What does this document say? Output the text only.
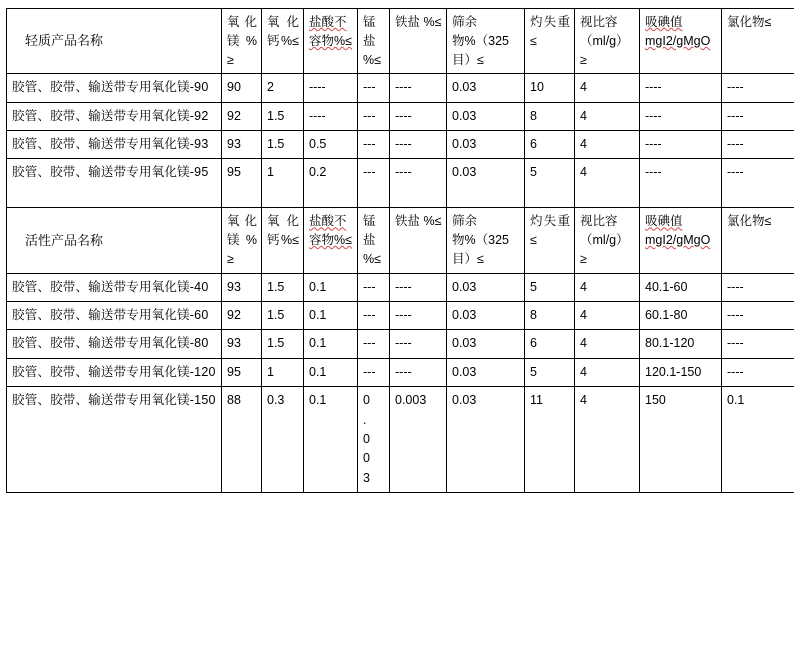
轻质产品名称	氧化镁%≥	氧化钙%≤	盐酸不容物%≤	锰盐%≤	铁盐 %≤	筛余物%（325目）≤	灼失重≤	视比容（ml/g）≥	吸碘值mgI2/gMgO	氯化物≤
胶管、胶带、输送带专用氧化镁-90	90	2	----	---	----	0.03	10	4	----	----
胶管、胶带、输送带专用氧化镁-92	92	1.5	----	---	----	0.03	8	4	----	----
胶管、胶带、输送带专用氧化镁-93	93	1.5	0.5	---	----	0.03	6	4	----	----
胶管、胶带、输送带专用氧化镁-95	95	1	0.2	---	----	0.03	5	4	----	----
活性产品名称	氧化镁%≥	氧化钙%≤	盐酸不容物%≤	锰盐%≤	铁盐 %≤	筛余物%（325目）≤	灼失重≤	视比容（ml/g）≥	吸碘值mgI2/gMgO	氯化物≤
胶管、胶带、输送带专用氧化镁-40	93	1.5	0.1	---	----	0.03	5	4	40.1-60	----
胶管、胶带、输送带专用氧化镁-60	92	1.5	0.1	---	----	0.03	8	4	60.1-80	----
胶管、胶带、输送带专用氧化镁-80	93	1.5	0.1	---	----	0.03	6	4	80.1-120	----
胶管、胶带、输送带专用氧化镁-120	95	1	0.1	---	----	0.03	5	4	120.1-150	----
胶管、胶带、输送带专用氧化镁-150	88	0.3	0.1	0.003	0.003	0.03	11	4	150	0.1
